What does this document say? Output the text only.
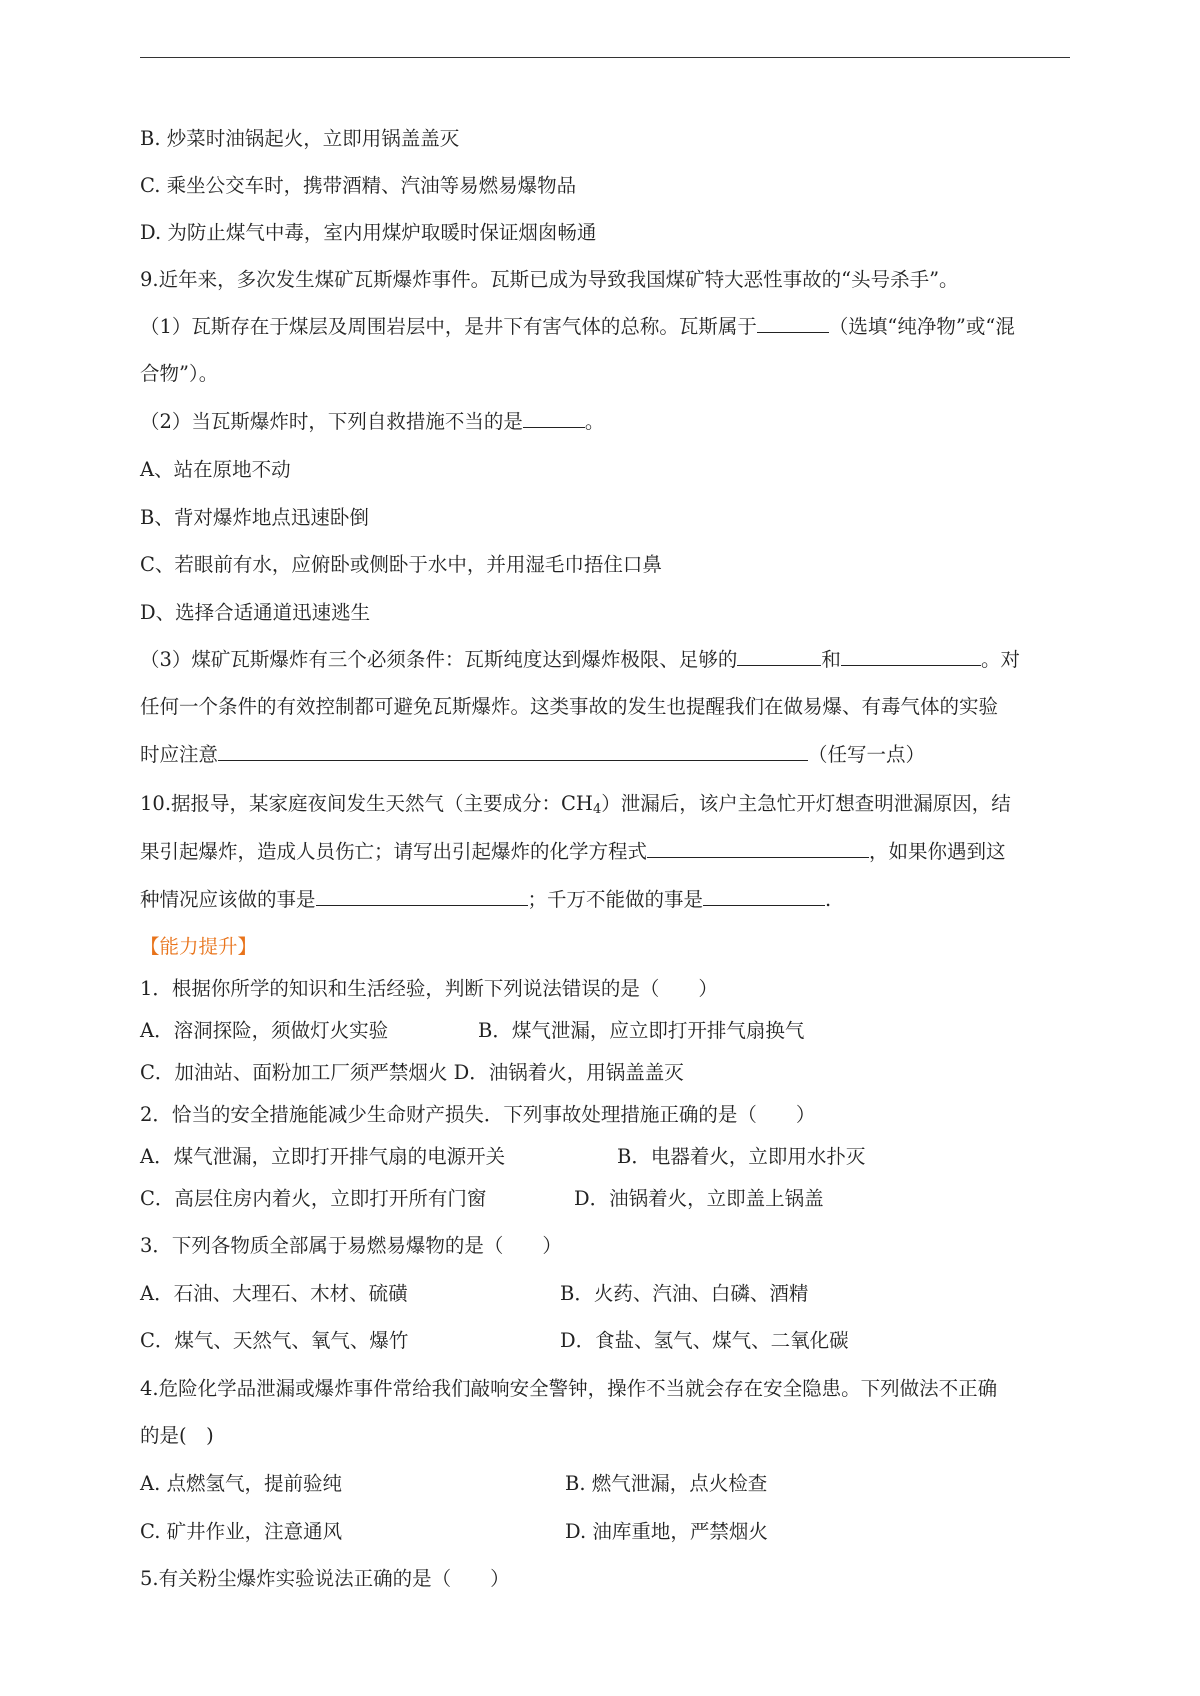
B. 炒菜时油锅起火，立即用锅盖盖灭
C. 乘坐公交车时，携带酒精、汽油等易燃易爆物品
D. 为防止煤气中毒，室内用煤炉取暖时保证烟囱畅通
9.近年来，多次发生煤矿瓦斯爆炸事件。瓦斯已成为导致我国煤矿特大恶性事故的“头号杀手”。
（1）瓦斯存在于煤层及周围岩层中，是井下有害气体的总称。瓦斯属于	（选填“纯净物”或“混
合物”）。
（2）当瓦斯爆炸时，下列自救措施不当的是	。
A、站在原地不动
B、背对爆炸地点迅速卧倒
C、若眼前有水，应俯卧或侧卧于水中，并用湿毛巾捂住口鼻
D、选择合适通道迅速逃生
（3）煤矿瓦斯爆炸有三个必须条件：瓦斯纯度达到爆炸极限、足够的	和	。对
任何一个条件的有效控制都可避免瓦斯爆炸。这类事故的发生也提醒我们在做易爆、有毒气体的实验
时应注意	（任写一点）
10.据报导，某家庭夜间发生天然气（主要成分：$CH_4$）泄漏后，该户主急忙开灯想查明泄漏原因，结
果引起爆炸，造成人员伤亡；请写出引起爆炸的化学方程式	，如果你遇到这
种情况应该做的事是	；千万不能做的事是	.
【能力提升】
1．根据你所学的知识和生活经验，判断下列说法错误的是（　　）
A．溶洞探险，须做灯火实验	B．煤气泄漏，应立即打开排气扇换气
C．加油站、面粉加工厂须严禁烟火 D．油锅着火，用锅盖盖灭
2．恰当的安全措施能减少生命财产损失．下列事故处理措施正确的是（　　）
A．煤气泄漏，立即打开排气扇的电源开关	B．电器着火，立即用水扑灭
C．高层住房内着火，立即打开所有门窗	D．油锅着火，立即盖上锅盖
3．下列各物质全部属于易燃易爆物的是（　　）
A．石油、大理石、木材、硫磺	B．火药、汽油、白磷、酒精
C．煤气、天然气、氧气、爆竹	D．食盐、氢气、煤气、二氧化碳
4.危险化学品泄漏或爆炸事件常给我们敲响安全警钟，操作不当就会存在安全隐患。下列做法不正确
的是(　)
A. 点燃氢气，提前验纯	B. 燃气泄漏，点火检查
C. 矿井作业，注意通风	D. 油库重地，严禁烟火
5.有关粉尘爆炸实验说法正确的是（　　）
